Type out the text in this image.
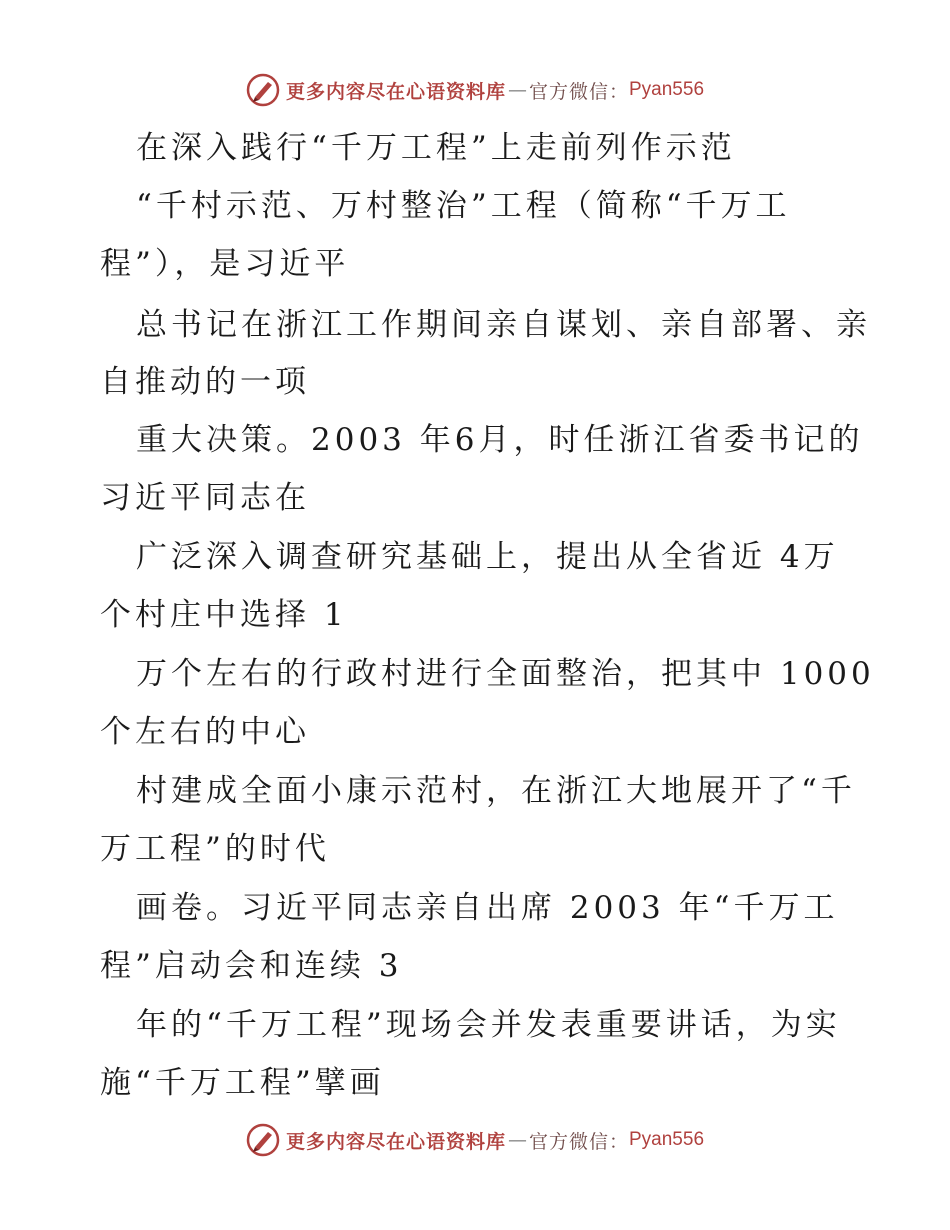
更多内容尽在心语资料库 — 官方微信： Pyan556
在深入践行“千万工程”上走前列作示范
“千村示范、万村整治”工程（简称“千万工
程”），是习近平
总书记在浙江工作期间亲自谋划、亲自部署、亲
自推动的一项
重大决策。2003 年6月，时任浙江省委书记的
习近平同志在
广泛深入调查研究基础上，提出从全省近 4万
个村庄中选择 1
万个左右的行政村进行全面整治，把其中 1000
个左右的中心
村建成全面小康示范村，在浙江大地展开了“千
万工程”的时代
画卷。习近平同志亲自出席 2003 年“千万工
程”启动会和连续 3
年的“千万工程”现场会并发表重要讲话，为实
施“千万工程”擘画
更多内容尽在心语资料库 — 官方微信： Pyan556
